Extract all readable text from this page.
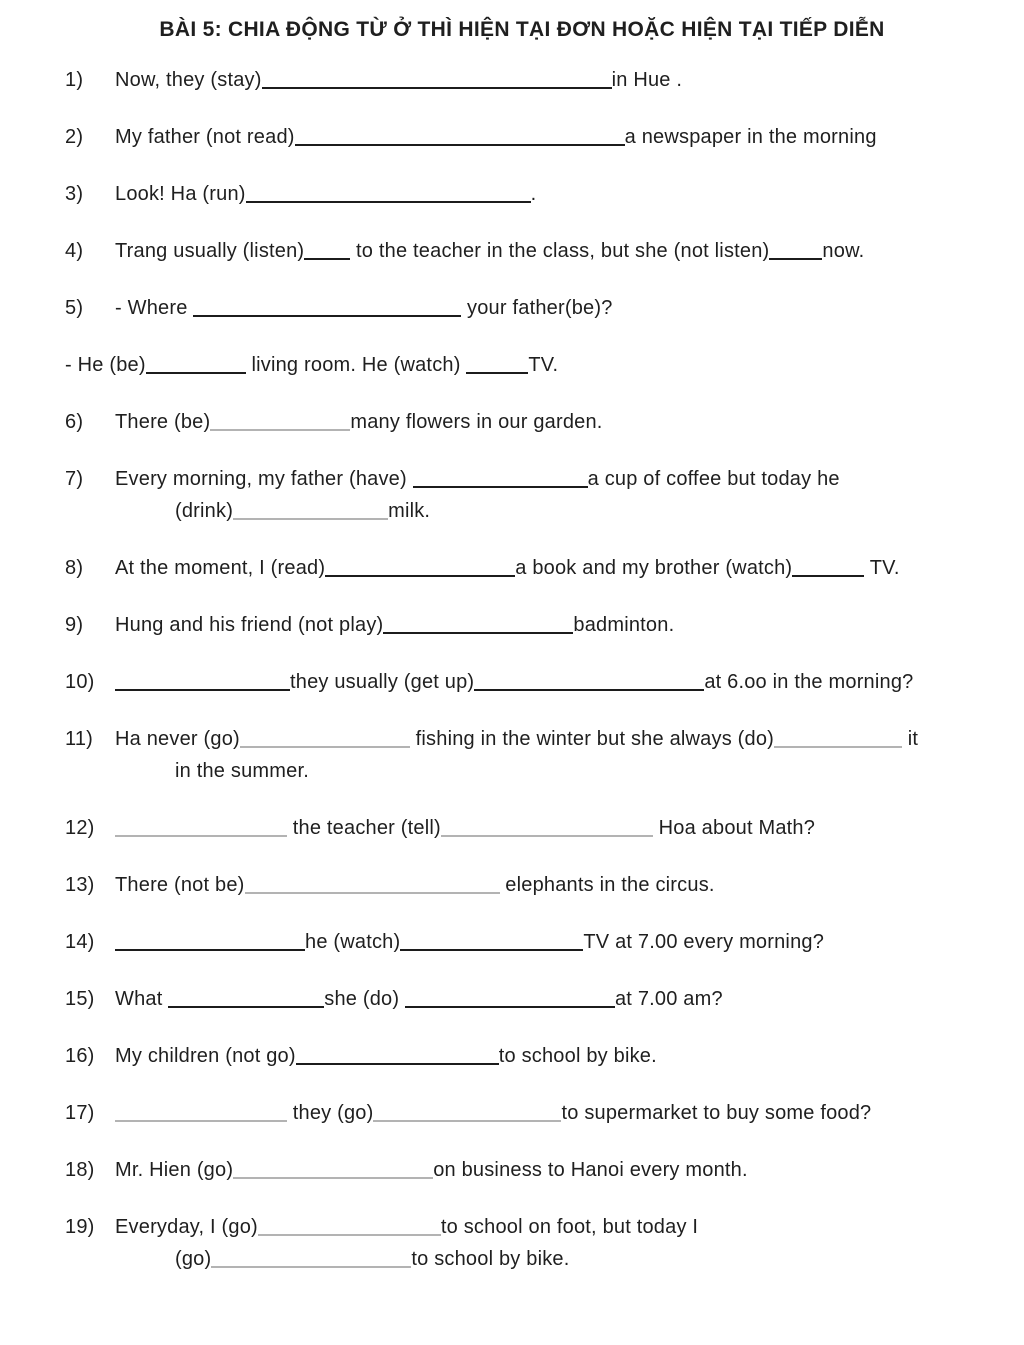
BÀI 5: CHIA ĐỘNG TỪ Ở THÌ HIỆN TẠI ĐƠN HOẶC HIỆN TẠI TIẾP DIỄN
1) Now, they (stay)	in Hue .
2) My father (not read)	a newspaper in the morning
3) Look! Ha (run)	.
4) Trang usually (listen) to the teacher in the class, but she (not listen)	now.
5) - Where	your father(be)?
- He (be)	living room. He (watch)	TV.
6) There (be)	many flowers in our garden.
7) Every morning, my father (have)	a cup of coffee but today he
(drink)	milk.
8) At the moment, I (read)	a book and my brother (watch)	TV.
9) Hung and his friend (not play)	badminton.
10)	they usually (get up)	at 6.oo in the morning?
11) Ha never (go)	fishing in the winter but she always (do)	it
in the summer.
12)	the teacher (tell)	Hoa about Math?
13) There (not be)	elephants in the circus.
14)	he (watch)	TV at 7.00 every morning?
15) What	she (do)	at 7.00 am?
16) My children (not go)	to school by bike.
17)	they (go)	to supermarket to buy some food?
18) Mr. Hien (go)	on business to Hanoi every month.
19) Everyday, I (go)	to school on foot, but today I
(go)	to school by bike.
